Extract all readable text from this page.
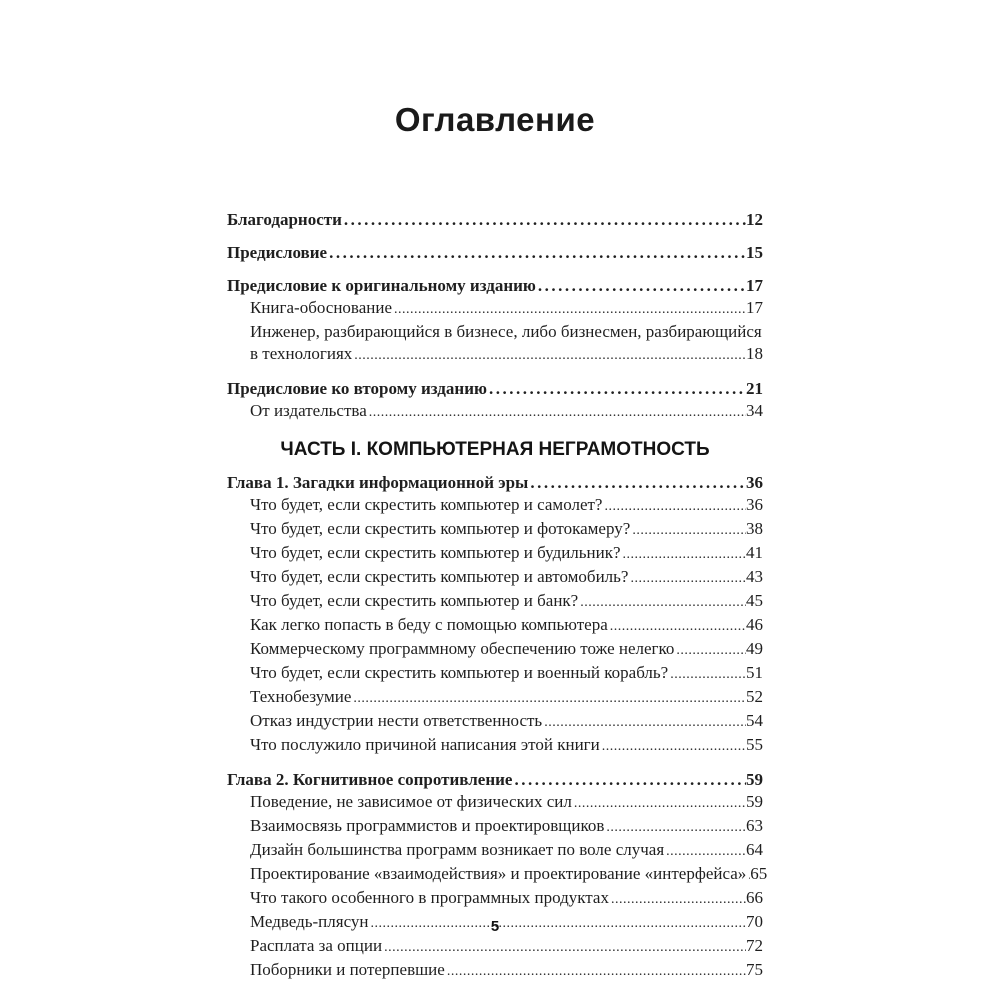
Оглавление
Благодарности .....	12
Предисловие .....	15
Предисловие к оригинальному изданию .....	17
Книга-обоснование .....	17
Инженер, разбирающийся в бизнесе, либо бизнесмен, разбирающийся
в технологиях .....	18
Предисловие ко второму изданию .....	21
От издательства .....	34
ЧАСТЬ I. КОМПЬЮТЕРНАЯ НЕГРАМОТНОСТЬ
Глава 1. Загадки информационной эры .....	36
Что будет, если скрестить компьютер и самолет? .....	36
Что будет, если скрестить компьютер и фотокамеру? .....	38
Что будет, если скрестить компьютер и будильник? .....	41
Что будет, если скрестить компьютер и автомобиль? .....	43
Что будет, если скрестить компьютер и банк? .....	45
Как легко попасть в беду с помощью компьютера .....	46
Коммерческому программному обеспечению тоже нелегко .....	49
Что будет, если скрестить компьютер и военный корабль? .....	51
Технобезумие .....	52
Отказ индустрии нести ответственность .....	54
Что послужило причиной написания этой книги .....	55
Глава 2. Когнитивное сопротивление .....	59
Поведение, не зависимое от физических сил .....	59
Взаимосвязь программистов и проектировщиков .....	63
Дизайн большинства программ возникает по воле случая .....	64
Проектирование «взаимодействия» и проектирование «интерфейса» ..... 65
Что такого особенного в программных продуктах .....	66
Медведь-плясун .....	70
Расплата за опции .....	72
Поборники и потерпевшие .....	75
5
